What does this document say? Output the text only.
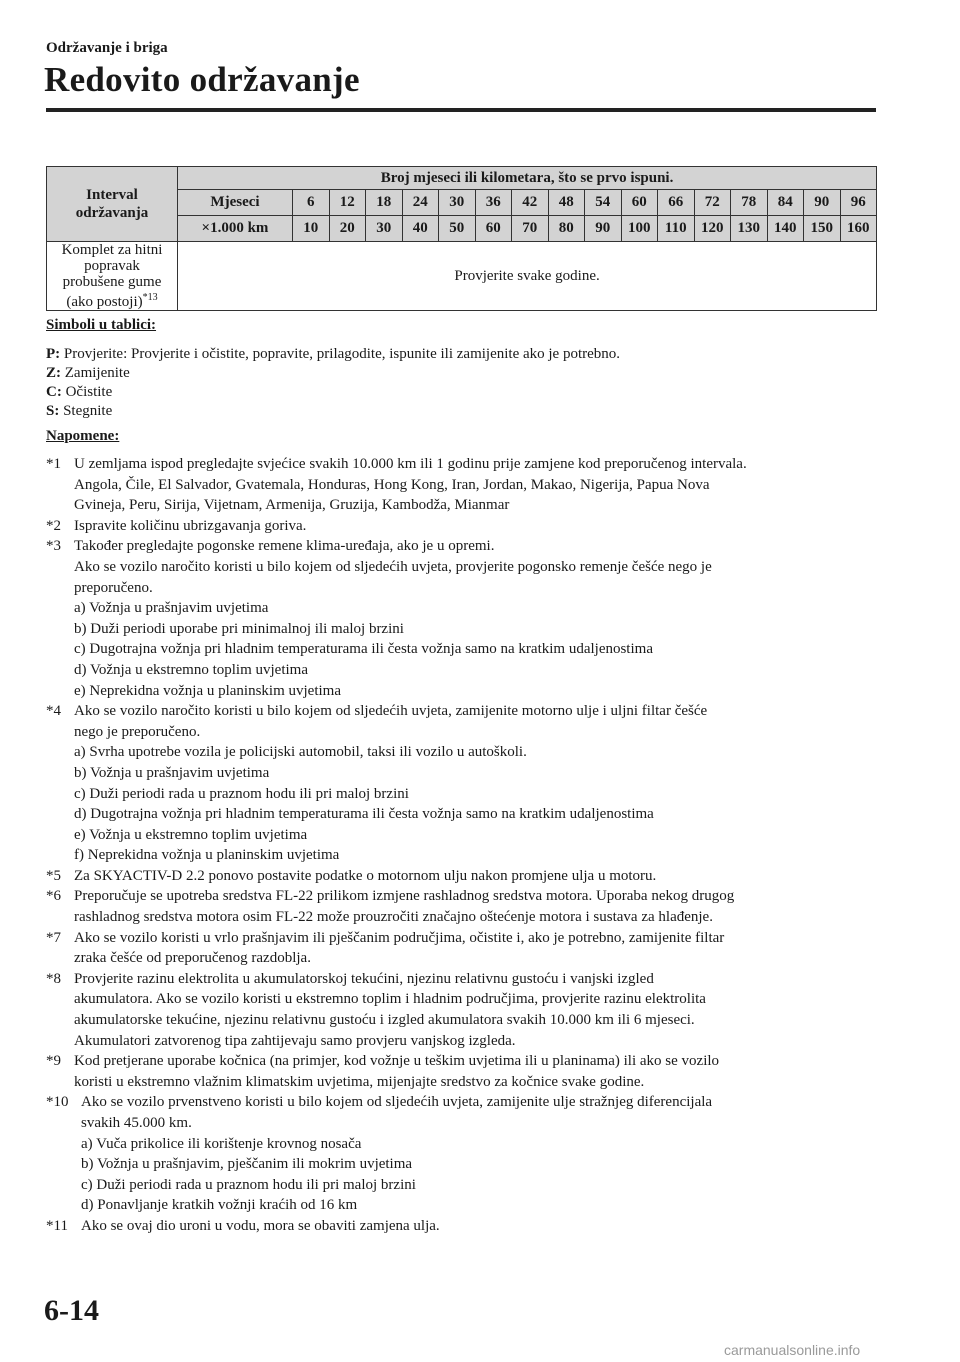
Održavanje i briga
Redovito održavanje
Interval
održavanja	Broj mjeseci ili kilometara, što se prvo ispuni.																
	Mjeseci	6	12	18	24	30	36	42	48	54	60	66	72	78	84	90	96
	×1.000 km	10	20	30	40	50	60	70	80	90	100	110	120	130	140	150	160
Komplet za hitni popravak
probušene gume
(ako postoji)$^{*13}$	Provjerite svake godine.																
Simboli u tablici:
P: Provjerite: Provjerite i očistite, popravite, prilagodite, ispunite ili zamijenite ako je potrebno.
Z: Zamijenite
C: Očistite
S: Stegnite
Napomene:
*1 U zemljama ispod pregledajte svjećice svakih 10.000 km ili 1 godinu prije zamjene kod preporučenog intervala.
Angola, Čile, El Salvador, Gvatemala, Honduras, Hong Kong, Iran, Jordan, Makao, Nigerija, Papua Nova
Gvineja, Peru, Sirija, Vijetnam, Armenija, Gruzija, Kambodža, Mianmar
*2 Ispravite količinu ubrizgavanja goriva.
*3 Također pregledajte pogonske remene klima-uređaja, ako je u opremi.
Ako se vozilo naročito koristi u bilo kojem od sljedećih uvjeta, provjerite pogonsko remenje češće nego je
preporučeno.
a) Vožnja u prašnjavim uvjetima
b) Duži periodi uporabe pri minimalnoj ili maloj brzini
c) Dugotrajna vožnja pri hladnim temperaturama ili česta vožnja samo na kratkim udaljenostima
d) Vožnja u ekstremno toplim uvjetima
e) Neprekidna vožnja u planinskim uvjetima
*4 Ako se vozilo naročito koristi u bilo kojem od sljedećih uvjeta, zamijenite motorno ulje i uljni filtar češće
nego je preporučeno.
a) Svrha upotrebe vozila je policijski automobil, taksi ili vozilo u autoškoli.
b) Vožnja u prašnjavim uvjetima
c) Duži periodi rada u praznom hodu ili pri maloj brzini
d) Dugotrajna vožnja pri hladnim temperaturama ili česta vožnja samo na kratkim udaljenostima
e) Vožnja u ekstremno toplim uvjetima
f) Neprekidna vožnja u planinskim uvjetima
*5 Za SKYACTIV-D 2.2 ponovo postavite podatke o motornom ulju nakon promjene ulja u motoru.
*6 Preporučuje se upotreba sredstva FL-22 prilikom izmjene rashladnog sredstva motora. Uporaba nekog drugog
rashladnog sredstva motora osim FL-22 može prouzročiti značajno oštećenje motora i sustava za hlađenje.
*7 Ako se vozilo koristi u vrlo prašnjavim ili pješčanim područjima, očistite i, ako je potrebno, zamijenite filtar
zraka češće od preporučenog razdoblja.
*8 Provjerite razinu elektrolita u akumulatorskoj tekućini, njezinu relativnu gustoću i vanjski izgled
akumulatora. Ako se vozilo koristi u ekstremno toplim i hladnim područjima, provjerite razinu elektrolita
akumulatorske tekućine, njezinu relativnu gustoću i izgled akumulatora svakih 10.000 km ili 6 mjeseci.
Akumulatori zatvorenog tipa zahtijevaju samo provjeru vanjskog izgleda.
*9 Kod pretjerane uporabe kočnica (na primjer, kod vožnje u teškim uvjetima ili u planinama) ili ako se vozilo
koristi u ekstremno vlažnim klimatskim uvjetima, mijenjajte sredstvo za kočnice svake godine.
*10 Ako se vozilo prvenstveno koristi u bilo kojem od sljedećih uvjeta, zamijenite ulje stražnjeg diferencijala
svakih 45.000 km.
a) Vuča prikolice ili korištenje krovnog nosača
b) Vožnja u prašnjavim, pješčanim ili mokrim uvjetima
c) Duži periodi rada u praznom hodu ili pri maloj brzini
d) Ponavljanje kratkih vožnji kraćih od 16 km
*11 Ako se ovaj dio uroni u vodu, mora se obaviti zamjena ulja.
6-14
carmanualsonline.info
